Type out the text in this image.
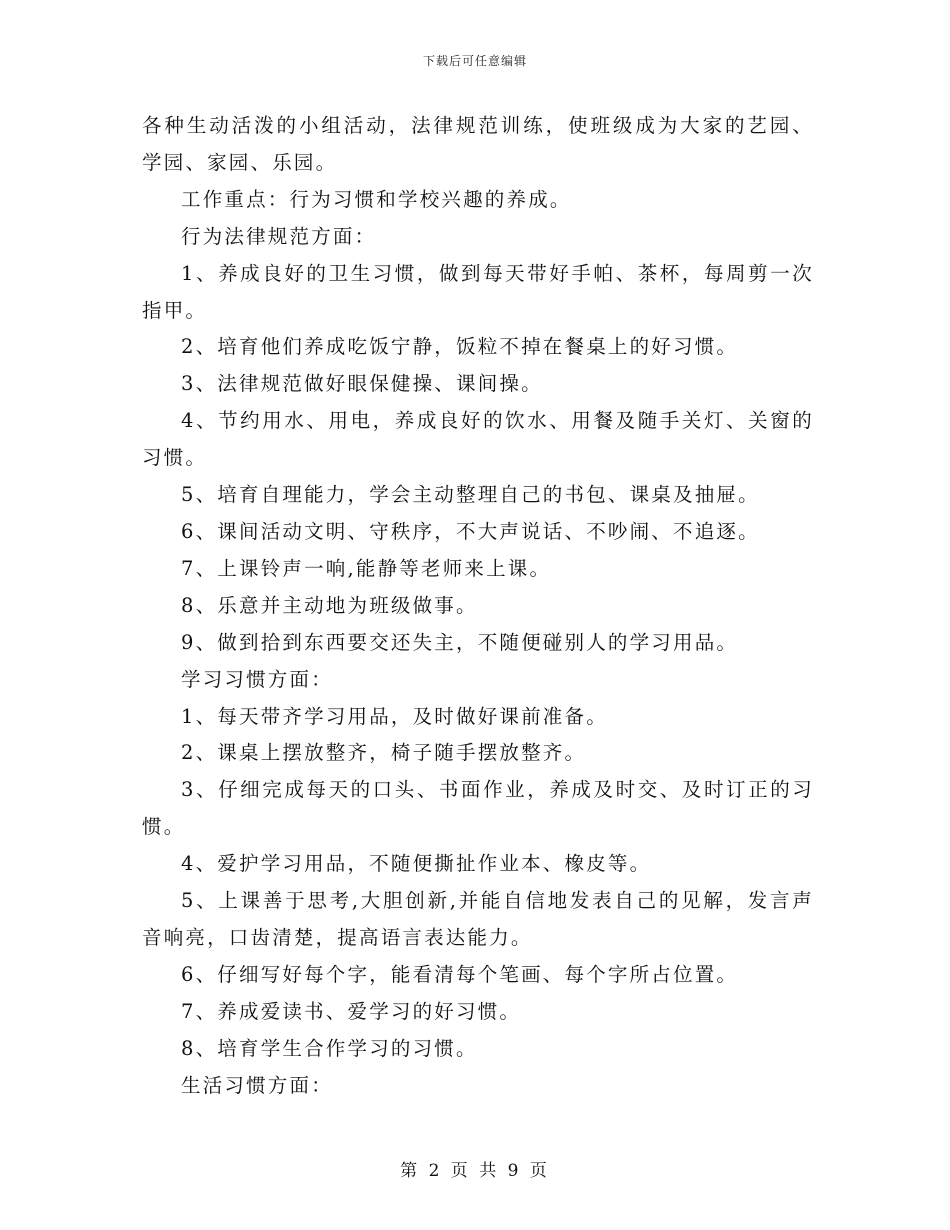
下载后可任意编辑

各种生动活泼的小组活动，法律规范训练，使班级成为大家的艺园、学园、家园、乐园。

工作重点：行为习惯和学校兴趣的养成。

行为法律规范方面：

1、养成良好的卫生习惯，做到每天带好手帕、茶杯，每周剪一次指甲。

2、培育他们养成吃饭宁静，饭粒不掉在餐桌上的好习惯。

3、法律规范做好眼保健操、课间操。

4、节约用水、用电，养成良好的饮水、用餐及随手关灯、关窗的习惯。

5、培育自理能力，学会主动整理自己的书包、课桌及抽屉。

6、课间活动文明、守秩序，不大声说话、不吵闹、不追逐。

7、上课铃声一响,能静等老师来上课。

8、乐意并主动地为班级做事。

9、做到拾到东西要交还失主，不随便碰别人的学习用品。

学习习惯方面：

1、每天带齐学习用品，及时做好课前准备。

2、课桌上摆放整齐，椅子随手摆放整齐。

3、仔细完成每天的口头、书面作业，养成及时交、及时订正的习惯。

4、爱护学习用品，不随便撕扯作业本、橡皮等。

5、上课善于思考,大胆创新,并能自信地发表自己的见解，发言声音响亮，口齿清楚，提高语言表达能力。

6、仔细写好每个字，能看清每个笔画、每个字所占位置。

7、养成爱读书、爱学习的好习惯。

8、培育学生合作学习的习惯。

生活习惯方面：

第 2 页 共 9 页
